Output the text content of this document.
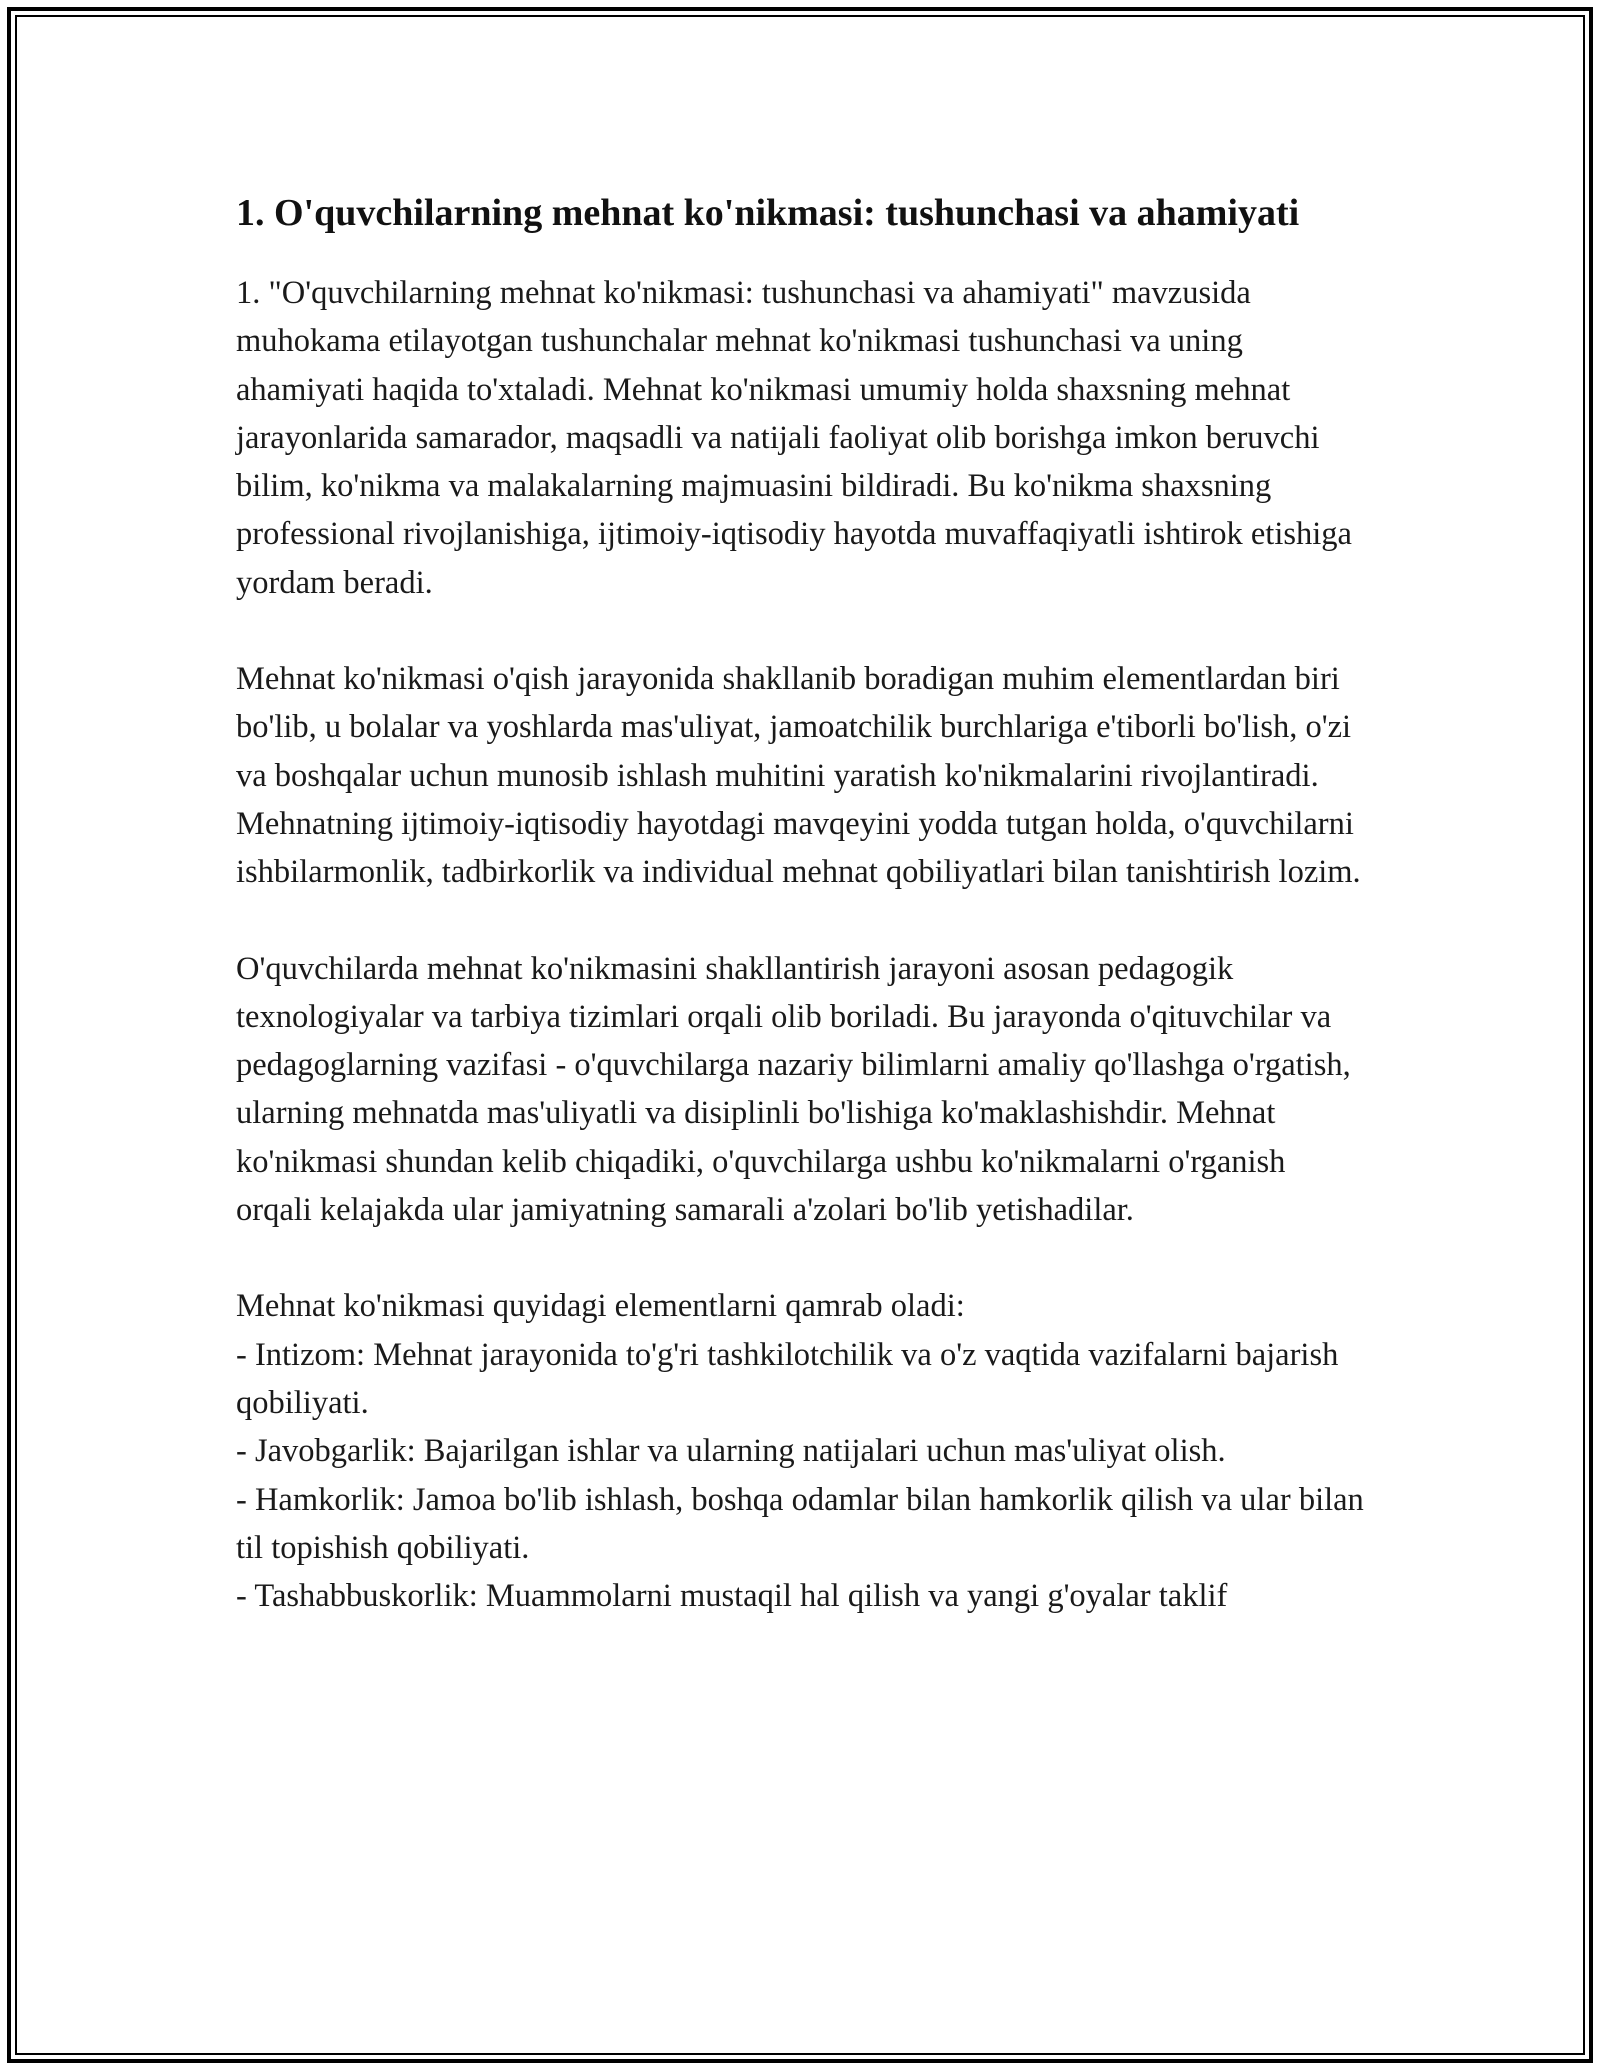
1. O'quvchilarning mehnat ko'nikmasi: tushunchasi va ahamiyati

1. "O'quvchilarning mehnat ko'nikmasi: tushunchasi va ahamiyati" mavzusida muhokama etilayotgan tushunchalar mehnat ko'nikmasi tushunchasi va uning ahamiyati haqida to'xtaladi. Mehnat ko'nikmasi umumiy holda shaxsning mehnat jarayonlarida samarador, maqsadli va natijali faoliyat olib borishga imkon beruvchi bilim, ko'nikma va malakalarning majmuasini bildiradi. Bu ko'nikma shaxsning professional rivojlanishiga, ijtimoiy-iqtisodiy hayotda muvaffaqiyatli ishtirok etishiga yordam beradi.

Mehnat ko'nikmasi o'qish jarayonida shakllanib boradigan muhim elementlardan biri bo'lib, u bolalar va yoshlarda mas'uliyat, jamoatchilik burchlariga e'tiborli bo'lish, o'zi va boshqalar uchun munosib ishlash muhitini yaratish ko'nikmalarini rivojlantiradi. Mehnatning ijtimoiy-iqtisodiy hayotdagi mavqeyini yodda tutgan holda, o'quvchilarni ishbilarmonlik, tadbirkorlik va individual mehnat qobiliyatlari bilan tanishtirish lozim.

O'quvchilarda mehnat ko'nikmasini shakllantirish jarayoni asosan pedagogik texnologiyalar va tarbiya tizimlari orqali olib boriladi. Bu jarayonda o'qituvchilar va pedagoglarning vazifasi - o'quvchilarga nazariy bilimlarni amaliy qo'llashga o'rgatish, ularning mehnatda mas'uliyatli va disiplinli bo'lishiga ko'maklashishdir. Mehnat ko'nikmasi shundan kelib chiqadiki, o'quvchilarga ushbu ko'nikmalarni o'rganish orqali kelajakda ular jamiyatning samarali a'zolari bo'lib yetishadilar.

Mehnat ko'nikmasi quyidagi elementlarni qamrab oladi:
- Intizom: Mehnat jarayonida to'g'ri tashkilotchilik va o'z vaqtida vazifalarni bajarish qobiliyati.
- Javobgarlik: Bajarilgan ishlar va ularning natijalari uchun mas'uliyat olish.
- Hamkorlik: Jamoa bo'lib ishlash, boshqa odamlar bilan hamkorlik qilish va ular bilan til topishish qobiliyati.
- Tashabbuskorlik: Muammolarni mustaqil hal qilish va yangi g'oyalar taklif
